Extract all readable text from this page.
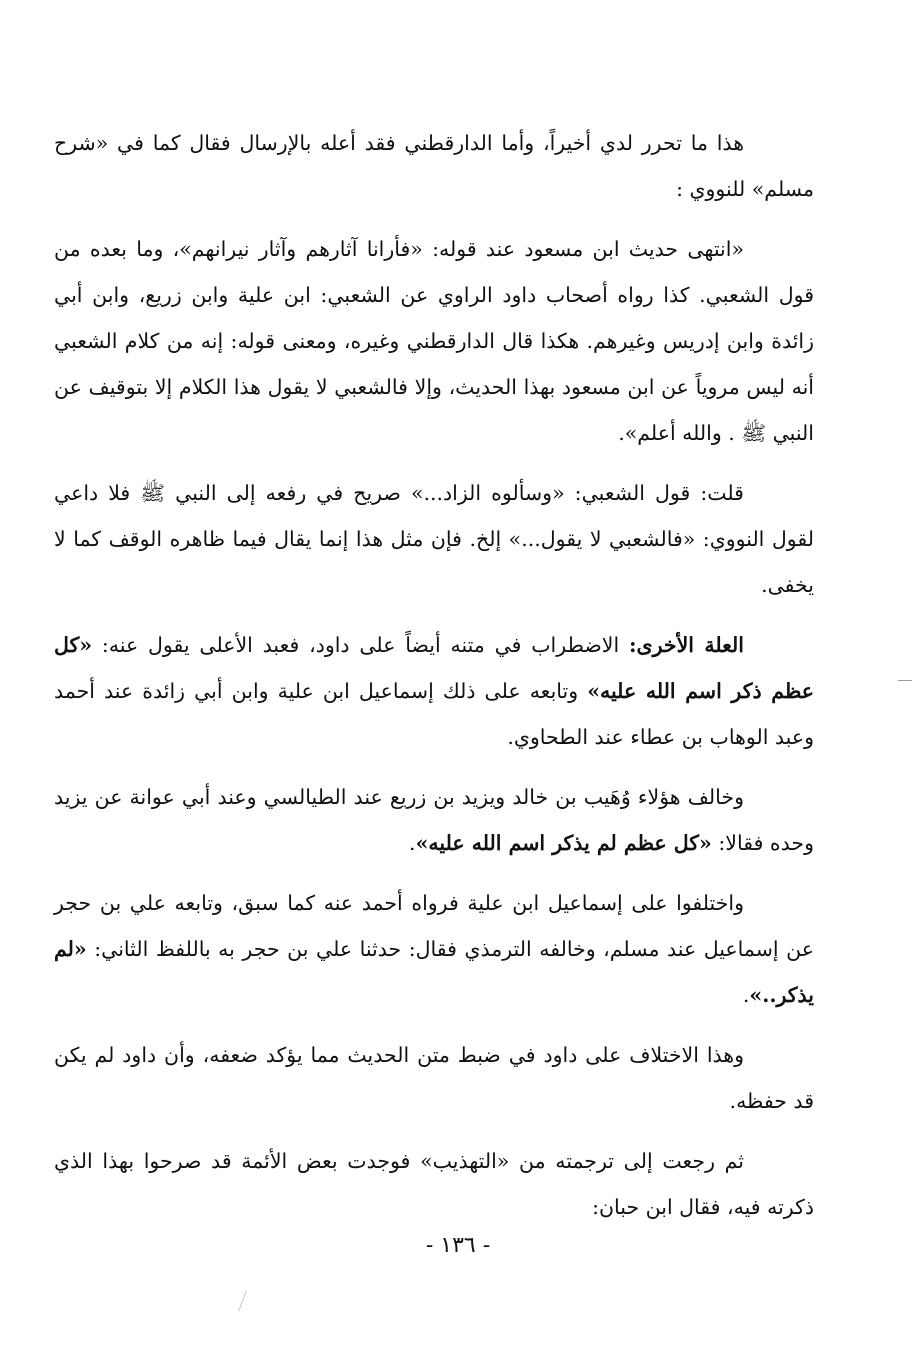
هذا ما تحرر لدي أخيراً، وأما الدارقطني فقد أعله بالإرسال فقال كما في «شرح مسلم» للنووي :

«انتهى حديث ابن مسعود عند قوله: «فأرانا آثارهم وآثار نيرانهم»، وما بعده من قول الشعبي. كذا رواه أصحاب داود الراوي عن الشعبي: ابن علية وابن زريع، وابن أبي زائدة وابن إدريس وغيرهم. هكذا قال الدارقطني وغيره، ومعنى قوله: إنه من كلام الشعبي أنه ليس مروياً عن ابن مسعود بهذا الحديث، وإلا فالشعبي لا يقول هذا الكلام إلا بتوقيف عن النبي ﷺ . والله أعلم».

قلت: قول الشعبي: «وسألوه الزاد...» صريح في رفعه إلى النبي ﷺ فلا داعي لقول النووي: «فالشعبي لا يقول...» إلخ. فإن مثل هذا إنما يقال فيما ظاهره الوقف كما لا يخفى.

العلة الأخرى: الاضطراب في متنه أيضاً على داود، فعبد الأعلى يقول عنه: «كل عظم ذكر اسم الله عليه» وتابعه على ذلك إسماعيل ابن علية وابن أبي زائدة عند أحمد وعبد الوهاب بن عطاء عند الطحاوي.

وخالف هؤلاء وُهَيب بن خالد ويزيد بن زريع عند الطيالسي وعند أبي عوانة عن يزيد وحده فقالا: «كل عظم لم يذكر اسم الله عليه».

واختلفوا على إسماعيل ابن علية فرواه أحمد عنه كما سبق، وتابعه علي بن حجر عن إسماعيل عند مسلم، وخالفه الترمذي فقال: حدثنا علي بن حجر به باللفظ الثاني: «لم يذكر..».

وهذا الاختلاف على داود في ضبط متن الحديث مما يؤكد ضعفه، وأن داود لم يكن قد حفظه.

ثم رجعت إلى ترجمته من «التهذيب» فوجدت بعض الأئمة قد صرحوا بهذا الذي ذكرته فيه، فقال ابن حبان:

- ١٣٦ -
